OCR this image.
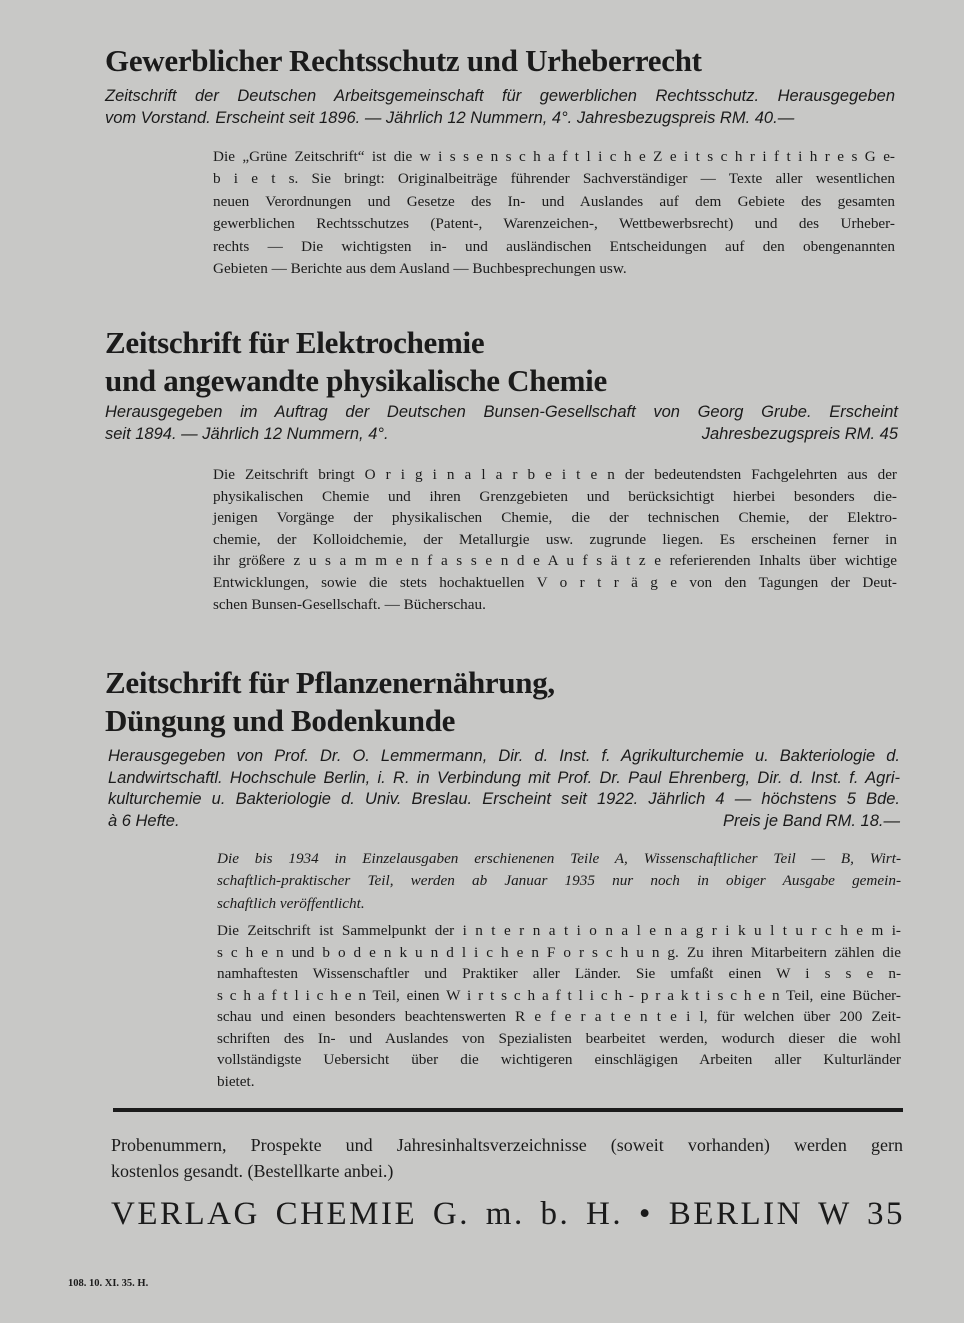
Gewerblicher Rechtsschutz und Urheberrecht
Zeitschrift der Deutschen Arbeitsgemeinschaft für gewerblichen Rechtsschutz. Herausgegeben
vom Vorstand. Erscheint seit 1896. — Jährlich 12 Nummern, 4°. Jahresbezugspreis RM. 40.—
Die „Grüne Zeitschrift“ ist die w i s s e n s c h a f t l i c h e Z e i t s c h r i f t i h r e s G e-
b i e t s. Sie bringt: Originalbeiträge führender Sachverständiger — Texte aller wesentlichen
neuen Verordnungen und Gesetze des In- und Auslandes auf dem Gebiete des gesamten
gewerblichen Rechtsschutzes (Patent-, Warenzeichen-, Wettbewerbsrecht) und des Urheber-
rechts — Die wichtigsten in- und ausländischen Entscheidungen auf den obengenannten
Gebieten — Berichte aus dem Ausland — Buchbesprechungen usw.
Zeitschrift für Elektrochemie
und angewandte physikalische Chemie
Herausgegeben im Auftrag der Deutschen Bunsen-Gesellschaft von Georg Grube. Erscheint
seit 1894. — Jährlich 12 Nummern, 4°.	Jahresbezugspreis RM. 45
Die Zeitschrift bringt O r i g i n a l a r b e i t e n der bedeutendsten Fachgelehrten aus der
physikalischen Chemie und ihren Grenzgebieten und berücksichtigt hierbei besonders die-
jenigen Vorgänge der physikalischen Chemie, die der technischen Chemie, der Elektro-
chemie, der Kolloidchemie, der Metallurgie usw. zugrunde liegen. Es erscheinen ferner in
ihr größere z u s a m m e n f a s s e n d e A u f s ä t z e referierenden Inhalts über wichtige
Entwicklungen, sowie die stets hochaktuellen V o r t r ä g e von den Tagungen der Deut-
schen Bunsen-Gesellschaft. — Bücherschau.
Zeitschrift für Pflanzenernährung,
Düngung und Bodenkunde
Herausgegeben von Prof. Dr. O. Lemmermann, Dir. d. Inst. f. Agrikulturchemie u. Bakteriologie d.
Landwirtschaftl. Hochschule Berlin, i. R. in Verbindung mit Prof. Dr. Paul Ehrenberg, Dir. d. Inst. f. Agri-
kulturchemie u. Bakteriologie d. Univ. Breslau. Erscheint seit 1922. Jährlich 4 — höchstens 5 Bde.
à 6 Hefte.	Preis je Band RM. 18.—
Die bis 1934 in Einzelausgaben erschienenen Teile A, Wissenschaftlicher Teil — B, Wirt-
schaftlich-praktischer Teil, werden ab Januar 1935 nur noch in obiger Ausgabe gemein-
schaftlich veröffentlicht.
Die Zeitschrift ist Sammelpunkt der i n t e r n a t i o n a l e n a g r i k u l t u r c h e m i-
s c h e n und b o d e n k u n d l i c h e n F o r s c h u n g. Zu ihren Mitarbeitern zählen die
namhaftesten Wissenschaftler und Praktiker aller Länder. Sie umfaßt einen W i s s e n-
s c h a f t l i c h e n Teil, einen W i r t s c h a f t l i c h - p r a k t i s c h e n Teil, eine Bücher-
schau und einen besonders beachtenswerten R e f e r a t e n t e i l, für welchen über 200 Zeit-
schriften des In- und Auslandes von Spezialisten bearbeitet werden, wodurch dieser die wohl
vollständigste Uebersicht über die wichtigeren einschlägigen Arbeiten aller Kulturländer
bietet.
Probenummern, Prospekte und Jahresinhaltsverzeichnisse (soweit vorhanden) werden gern
kostenlos gesandt. (Bestellkarte anbei.)
VERLAG CHEMIE G. m. b. H. • BERLIN W 35
108. 10. XI. 35. H.
